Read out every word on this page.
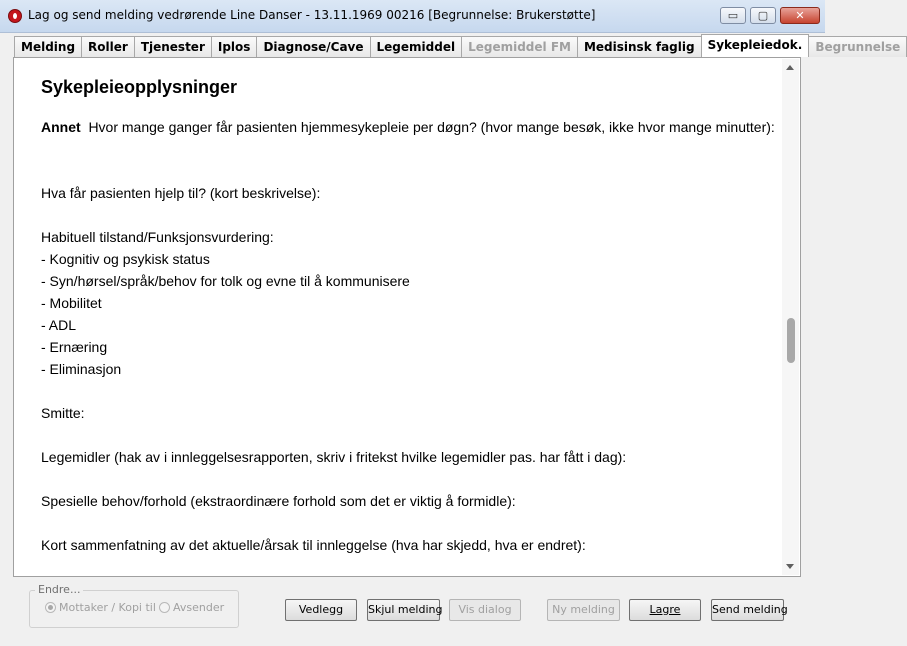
Lag og send melding vedrørende Line Danser - 13.11.1969 00216 [Begrunnelse: Brukerstøtte]	▭ ▢ ✕
Melding	Roller	Tjenester	Iplos	Diagnose/Cave	Legemiddel	Legemiddel FM	Medisinsk faglig	Sykepleiedok.	Begrunnelse
Sykepleieopplysninger
Annet  Hvor mange ganger får pasienten hjemmesykepleie per døgn? (hvor mange besøk, ikke hvor mange minutter):
Hva får pasienten hjelp til? (kort beskrivelse):
Habituell tilstand/Funksjonsvurdering:
- Kognitiv og psykisk status
- Syn/hørsel/språk/behov for tolk og evne til å kommunisere
- Mobilitet
- ADL
- Ernæring
- Eliminasjon
Smitte:
Legemidler (hak av i innleggelsesrapporten, skriv i fritekst hvilke legemidler pas. har fått i dag):
Spesielle behov/forhold (ekstraordinære forhold som det er viktig å formidle):
Kort sammenfatning av det aktuelle/årsak til innleggelse (hva har skjedd, hva er endret):
Endre...
Mottaker / Kopi til Avsender	Vedlegg	Skjul melding	Vis dialog	Ny melding	Lagre	Send melding
